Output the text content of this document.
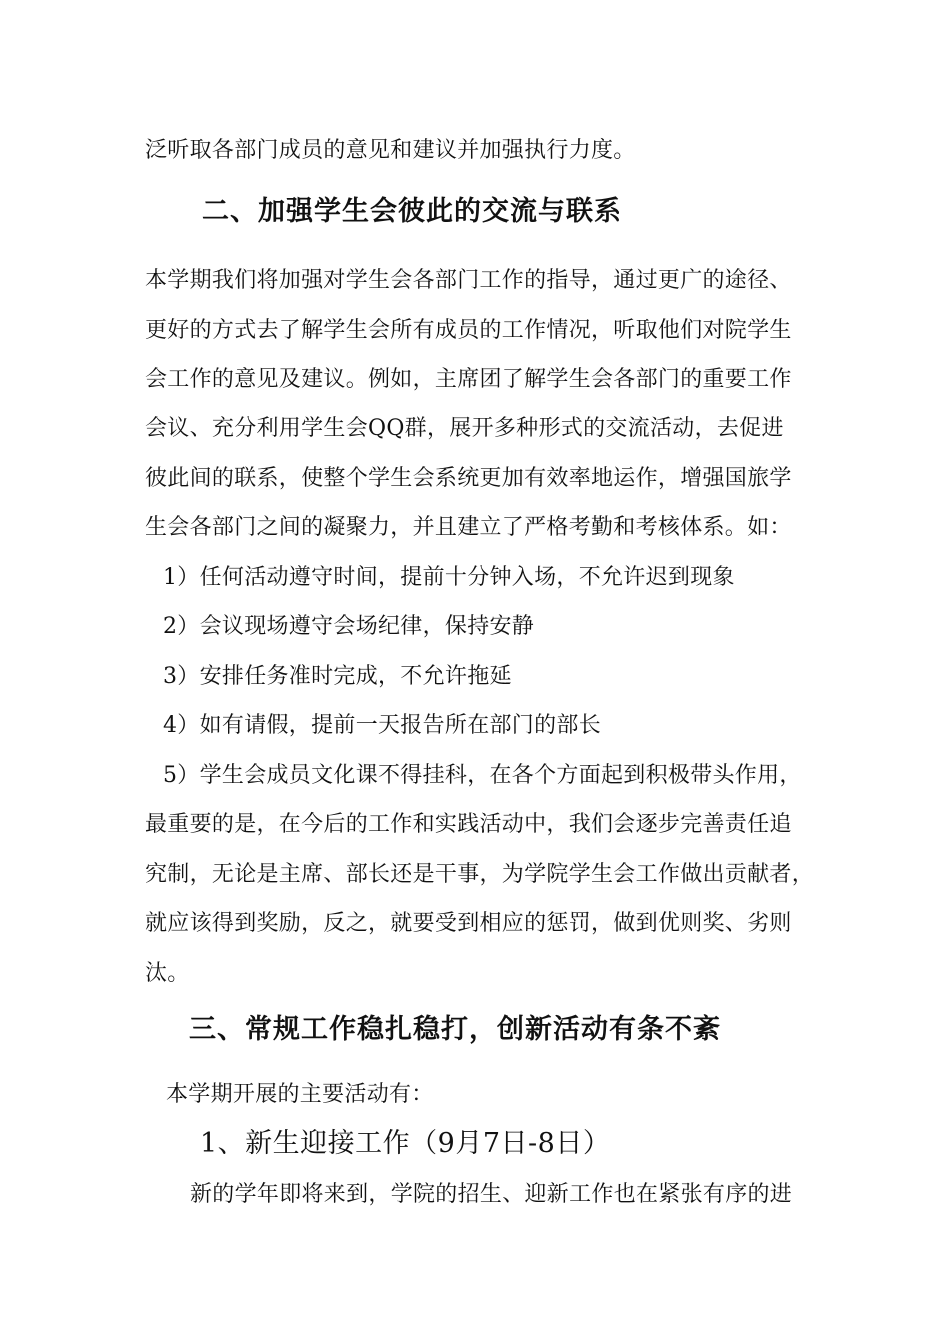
泛听取各部门成员的意见和建议并加强执行力度。
二、加强学生会彼此的交流与联系
本学期我们将加强对学生会各部门工作的指导，通过更广的途径、
更好的方式去了解学生会所有成员的工作情况，听取他们对院学生
会工作的意见及建议。例如，主席团了解学生会各部门的重要工作
会议、充分利用学生会QQ群，展开多种形式的交流活动，去促进
彼此间的联系，使整个学生会系统更加有效率地运作，增强国旅学
生会各部门之间的凝聚力，并且建立了严格考勤和考核体系。如：
1）任何活动遵守时间，提前十分钟入场，不允许迟到现象
2）会议现场遵守会场纪律，保持安静
3）安排任务准时完成，不允许拖延
4）如有请假，提前一天报告所在部门的部长
5）学生会成员文化课不得挂科，在各个方面起到积极带头作用，
最重要的是，在今后的工作和实践活动中，我们会逐步完善责任追
究制，无论是主席、部长还是干事，为学院学生会工作做出贡献者，
就应该得到奖励，反之，就要受到相应的惩罚，做到优则奖、劣则
汰。
三、常规工作稳扎稳打，创新活动有条不紊
本学期开展的主要活动有：
1、新生迎接工作（9月7日-8日）
新的学年即将来到，学院的招生、迎新工作也在紧张有序的进
